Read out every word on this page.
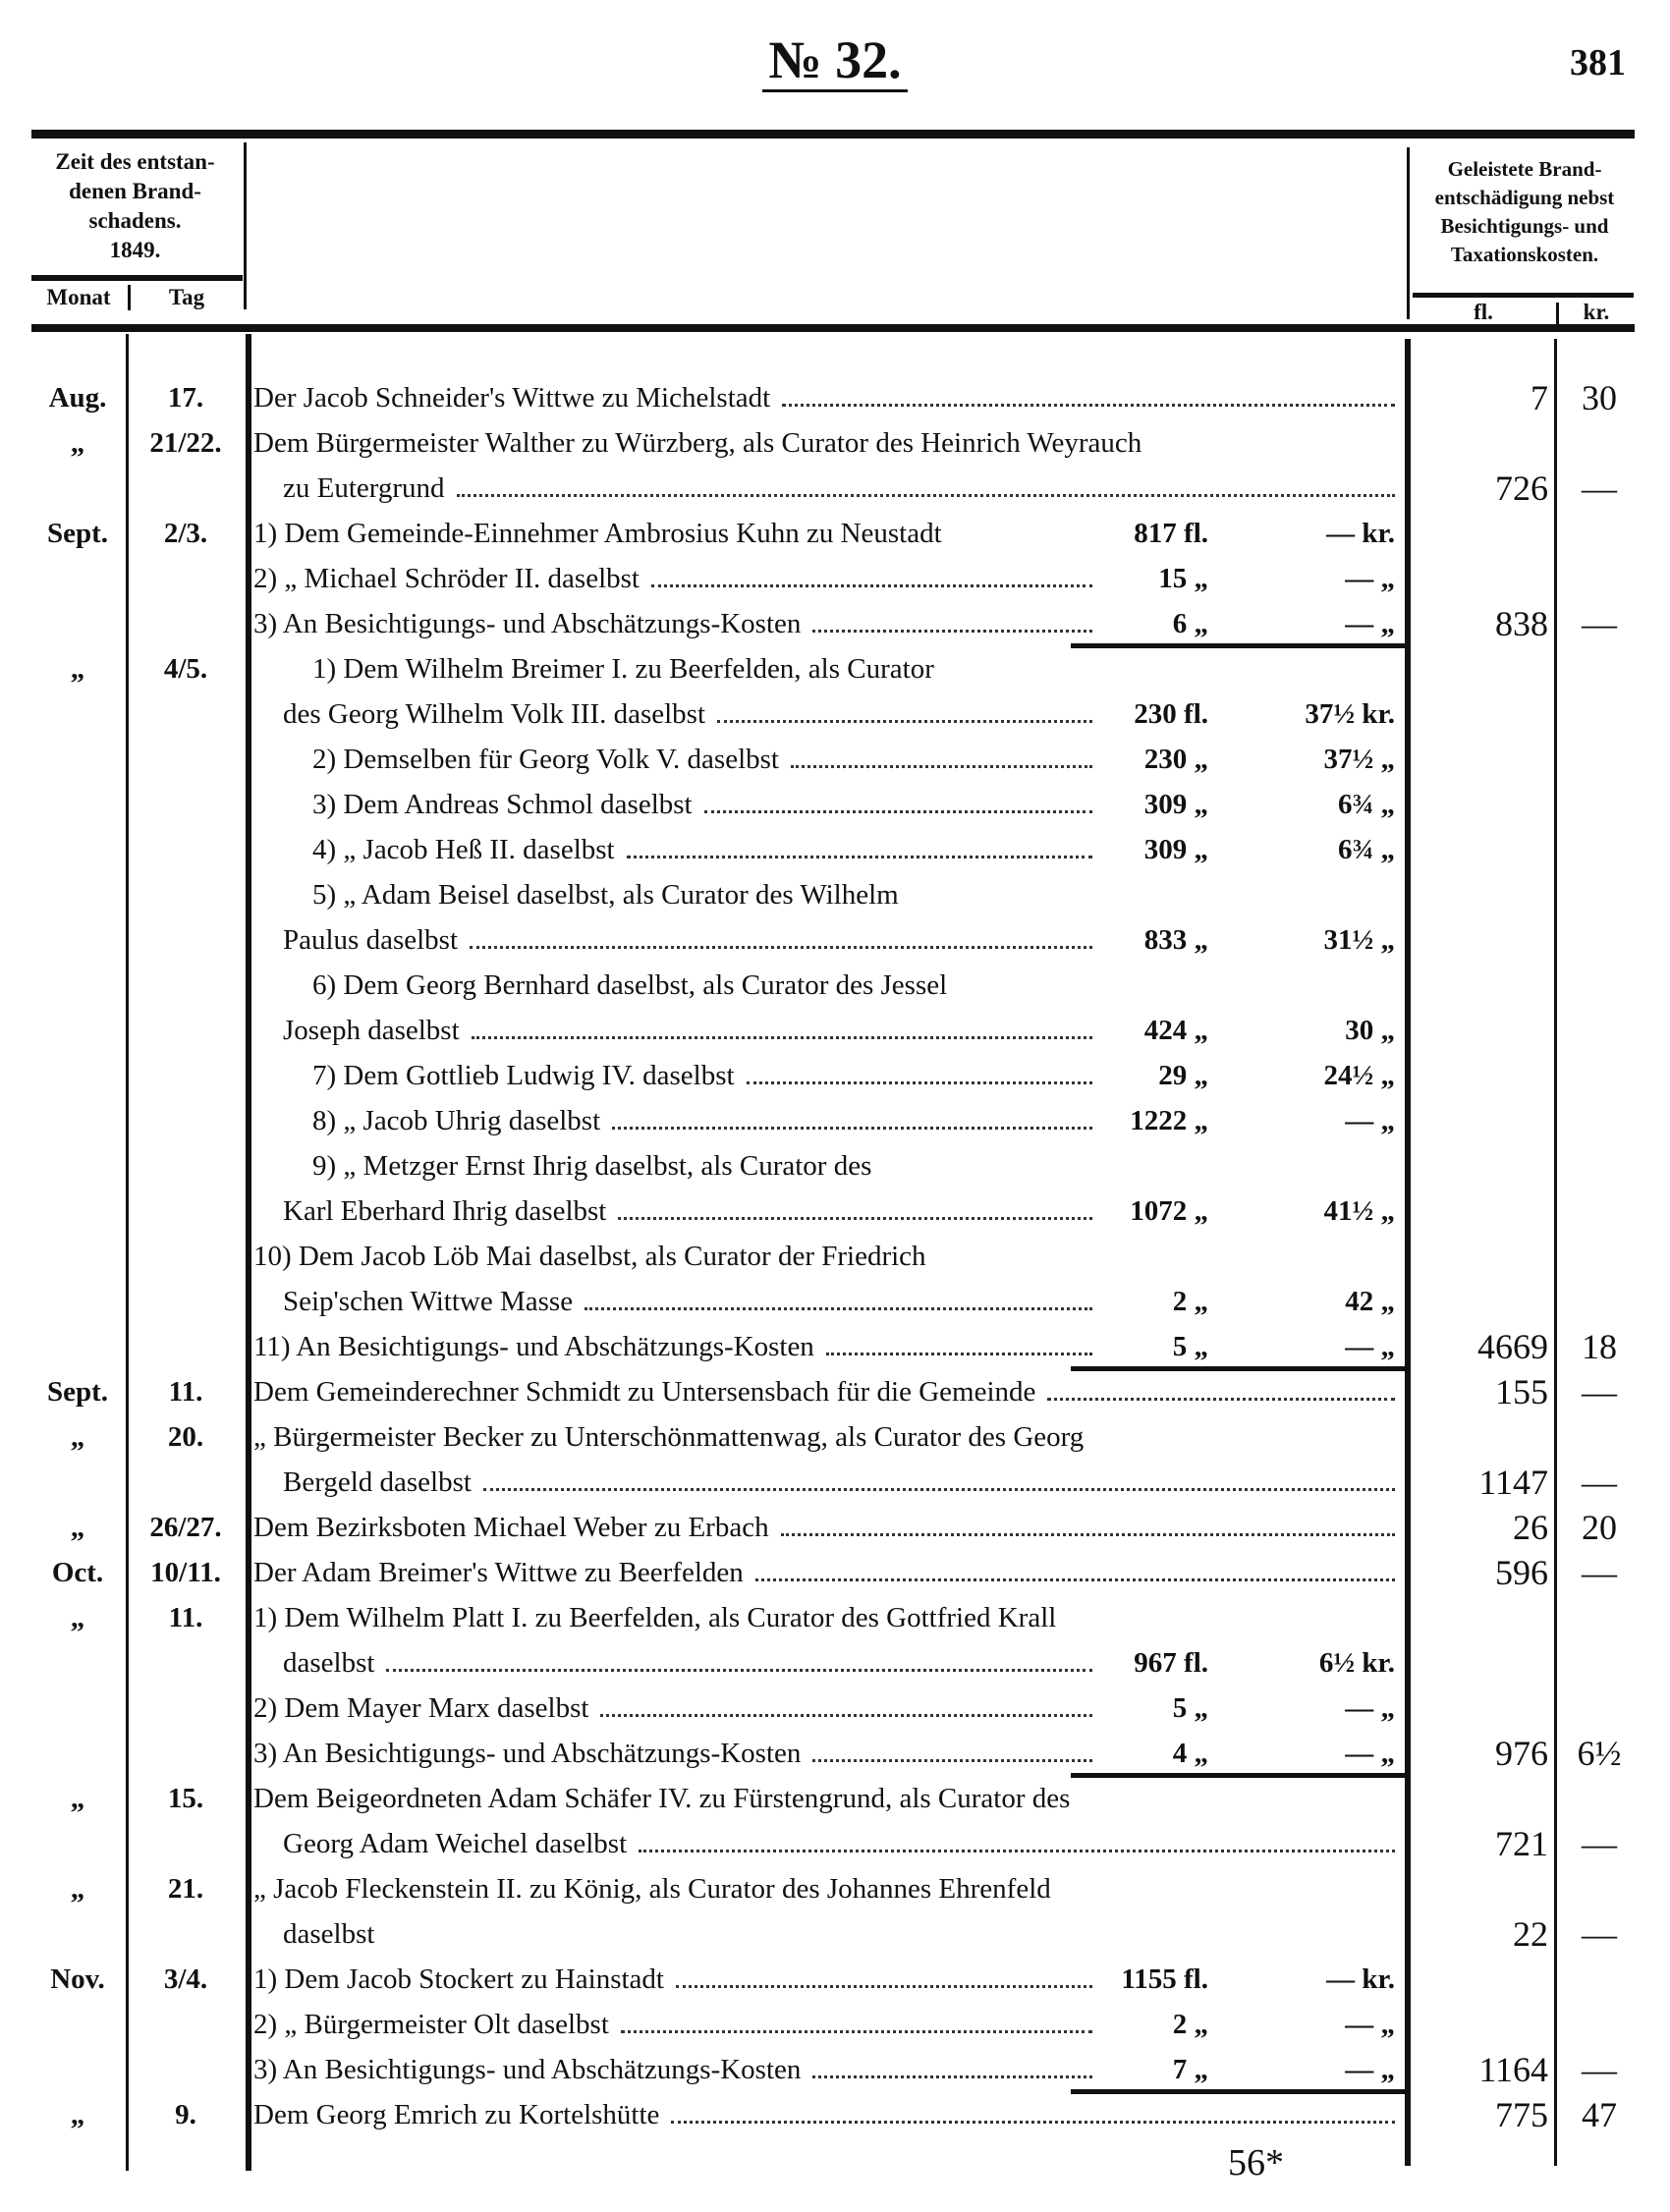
№ 32.	381
Zeit des entstan-
denen Brand-
schadens.
1849.
Monat	Tag
Geleistete Brand-
entschädigung nebst
Besichtigungs- und
Taxationskosten.
fl.	kr.
Aug.	17.	Der Jacob Schneider's Wittwe zu Michelstadt	7 30
„	21/22.	Dem Bürgermeister Walther zu Würzberg, als Curator des Heinrich Weyrauch
zu Eutergrund	726 —
Sept.	2/3.	1) Dem Gemeinde-Einnehmer Ambrosius Kuhn zu Neustadt	817 fl.	— kr.
2) „ Michael Schröder II. daselbst	15 „	— „
3) An Besichtigungs- und Abschätzungs-Kosten	6 „	— „	838 —
„	4/5.	1) Dem Wilhelm Breimer I. zu Beerfelden, als Curator
des Georg Wilhelm Volk III. daselbst	230 fl.	37½ kr.
2) Demselben für Georg Volk V. daselbst	230 „	37½ „
3) Dem Andreas Schmol daselbst	309 „	6¾ „
4) „ Jacob Heß II. daselbst	309 „	6¾ „
5) „ Adam Beisel daselbst, als Curator des Wilhelm
Paulus daselbst	833 „	31½ „
6) Dem Georg Bernhard daselbst, als Curator des Jessel
Joseph daselbst	424 „	30 „
7) Dem Gottlieb Ludwig IV. daselbst	29 „	24½ „
8) „ Jacob Uhrig daselbst	1222 „	— „
9) „ Metzger Ernst Ihrig daselbst, als Curator des
Karl Eberhard Ihrig daselbst	1072 „	41½ „
10) Dem Jacob Löb Mai daselbst, als Curator der Friedrich
Seip'schen Wittwe Masse	2 „	42 „
11) An Besichtigungs- und Abschätzungs-Kosten	5 „	— „	4669 18
Sept.	11.	Dem Gemeinderechner Schmidt zu Untersensbach für die Gemeinde	155 —
„	20.	„ Bürgermeister Becker zu Unterschönmattenwag, als Curator des Georg
Bergeld daselbst	1147 —
„	26/27.	Dem Bezirksboten Michael Weber zu Erbach	26 20
Oct.	10/11.	Der Adam Breimer's Wittwe zu Beerfelden	596 —
„	11.	1) Dem Wilhelm Platt I. zu Beerfelden, als Curator des Gottfried Krall
daselbst	967 fl.	6½ kr.
2) Dem Mayer Marx daselbst	5 „	— „
3) An Besichtigungs- und Abschätzungs-Kosten	4 „	— „	976 6½
„	15.	Dem Beigeordneten Adam Schäfer IV. zu Fürstengrund, als Curator des
Georg Adam Weichel daselbst	721 —
„	21.	„ Jacob Fleckenstein II. zu König, als Curator des Johannes Ehrenfeld
daselbst	22 —
Nov.	3/4.	1) Dem Jacob Stockert zu Hainstadt	1155 fl.	— kr.
2) „ Bürgermeister Olt daselbst	2 „	— „
3) An Besichtigungs- und Abschätzungs-Kosten	7 „	— „	1164 —
„	9.	Dem Georg Emrich zu Kortelshütte	775 47
56*
